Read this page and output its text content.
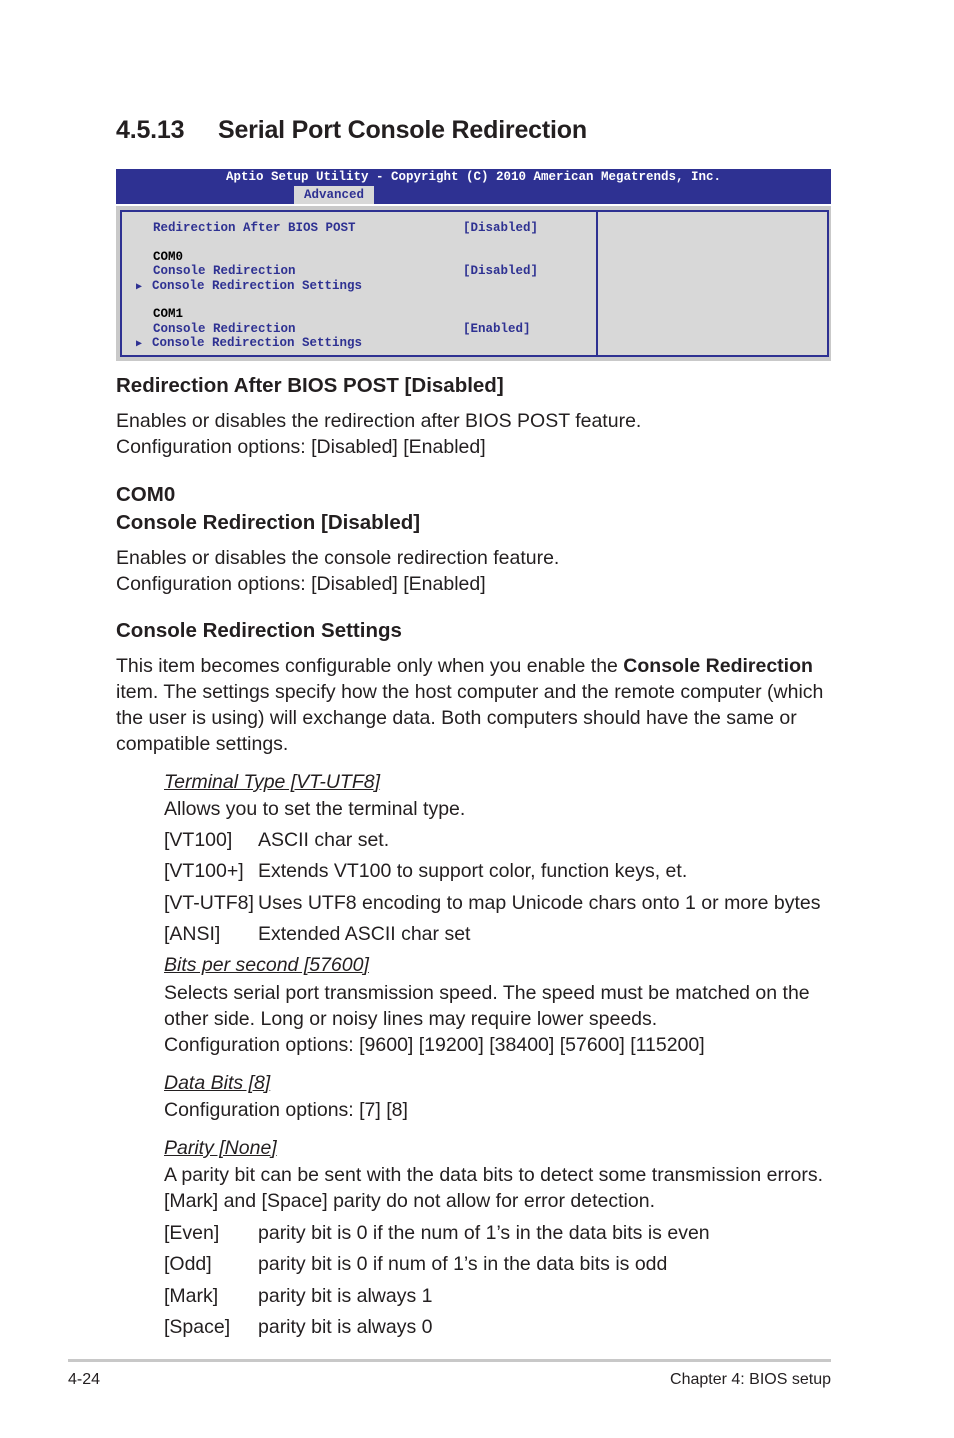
4.5.13 Serial Port Console Redirection
Aptio Setup Utility - Copyright (C) 2010 American Megatrends, Inc.
Advanced
Redirection After BIOS POST	[Disabled]
COM0
Console Redirection	[Disabled]
▶ Console Redirection Settings
COM1
Console Redirection	[Enabled]
▶ Console Redirection Settings
Redirection After BIOS POST [Disabled]
Enables or disables the redirection after BIOS POST feature.
Configuration options: [Disabled] [Enabled]
COM0
Console Redirection [Disabled]
Enables or disables the console redirection feature.
Configuration options: [Disabled] [Enabled]
Console Redirection Settings
This item becomes configurable only when you enable the Console Redirection
item. The settings specify how the host computer and the remote computer (which
the user is using) will exchange data. Both computers should have the same or
compatible settings.
Terminal Type [VT-UTF8]
Allows you to set the terminal type.
[VT100] ASCII char set.
[VT100+] Extends VT100 to support color, function keys, et.
[VT-UTF8] Uses UTF8 encoding to map Unicode chars onto 1 or more bytes
[ANSI] Extended ASCII char set
Bits per second [57600]
Selects serial port transmission speed. The speed must be matched on the
other side. Long or noisy lines may require lower speeds.
Configuration options: [9600] [19200] [38400] [57600] [115200]
Data Bits [8]
Configuration options: [7] [8]
Parity [None]
A parity bit can be sent with the data bits to detect some transmission errors.
[Mark] and [Space] parity do not allow for error detection.
[Even] parity bit is 0 if the num of 1’s in the data bits is even
[Odd] parity bit is 0 if num of 1’s in the data bits is odd
[Mark] parity bit is always 1
[Space] parity bit is always 0
4-24	Chapter 4: BIOS setup
